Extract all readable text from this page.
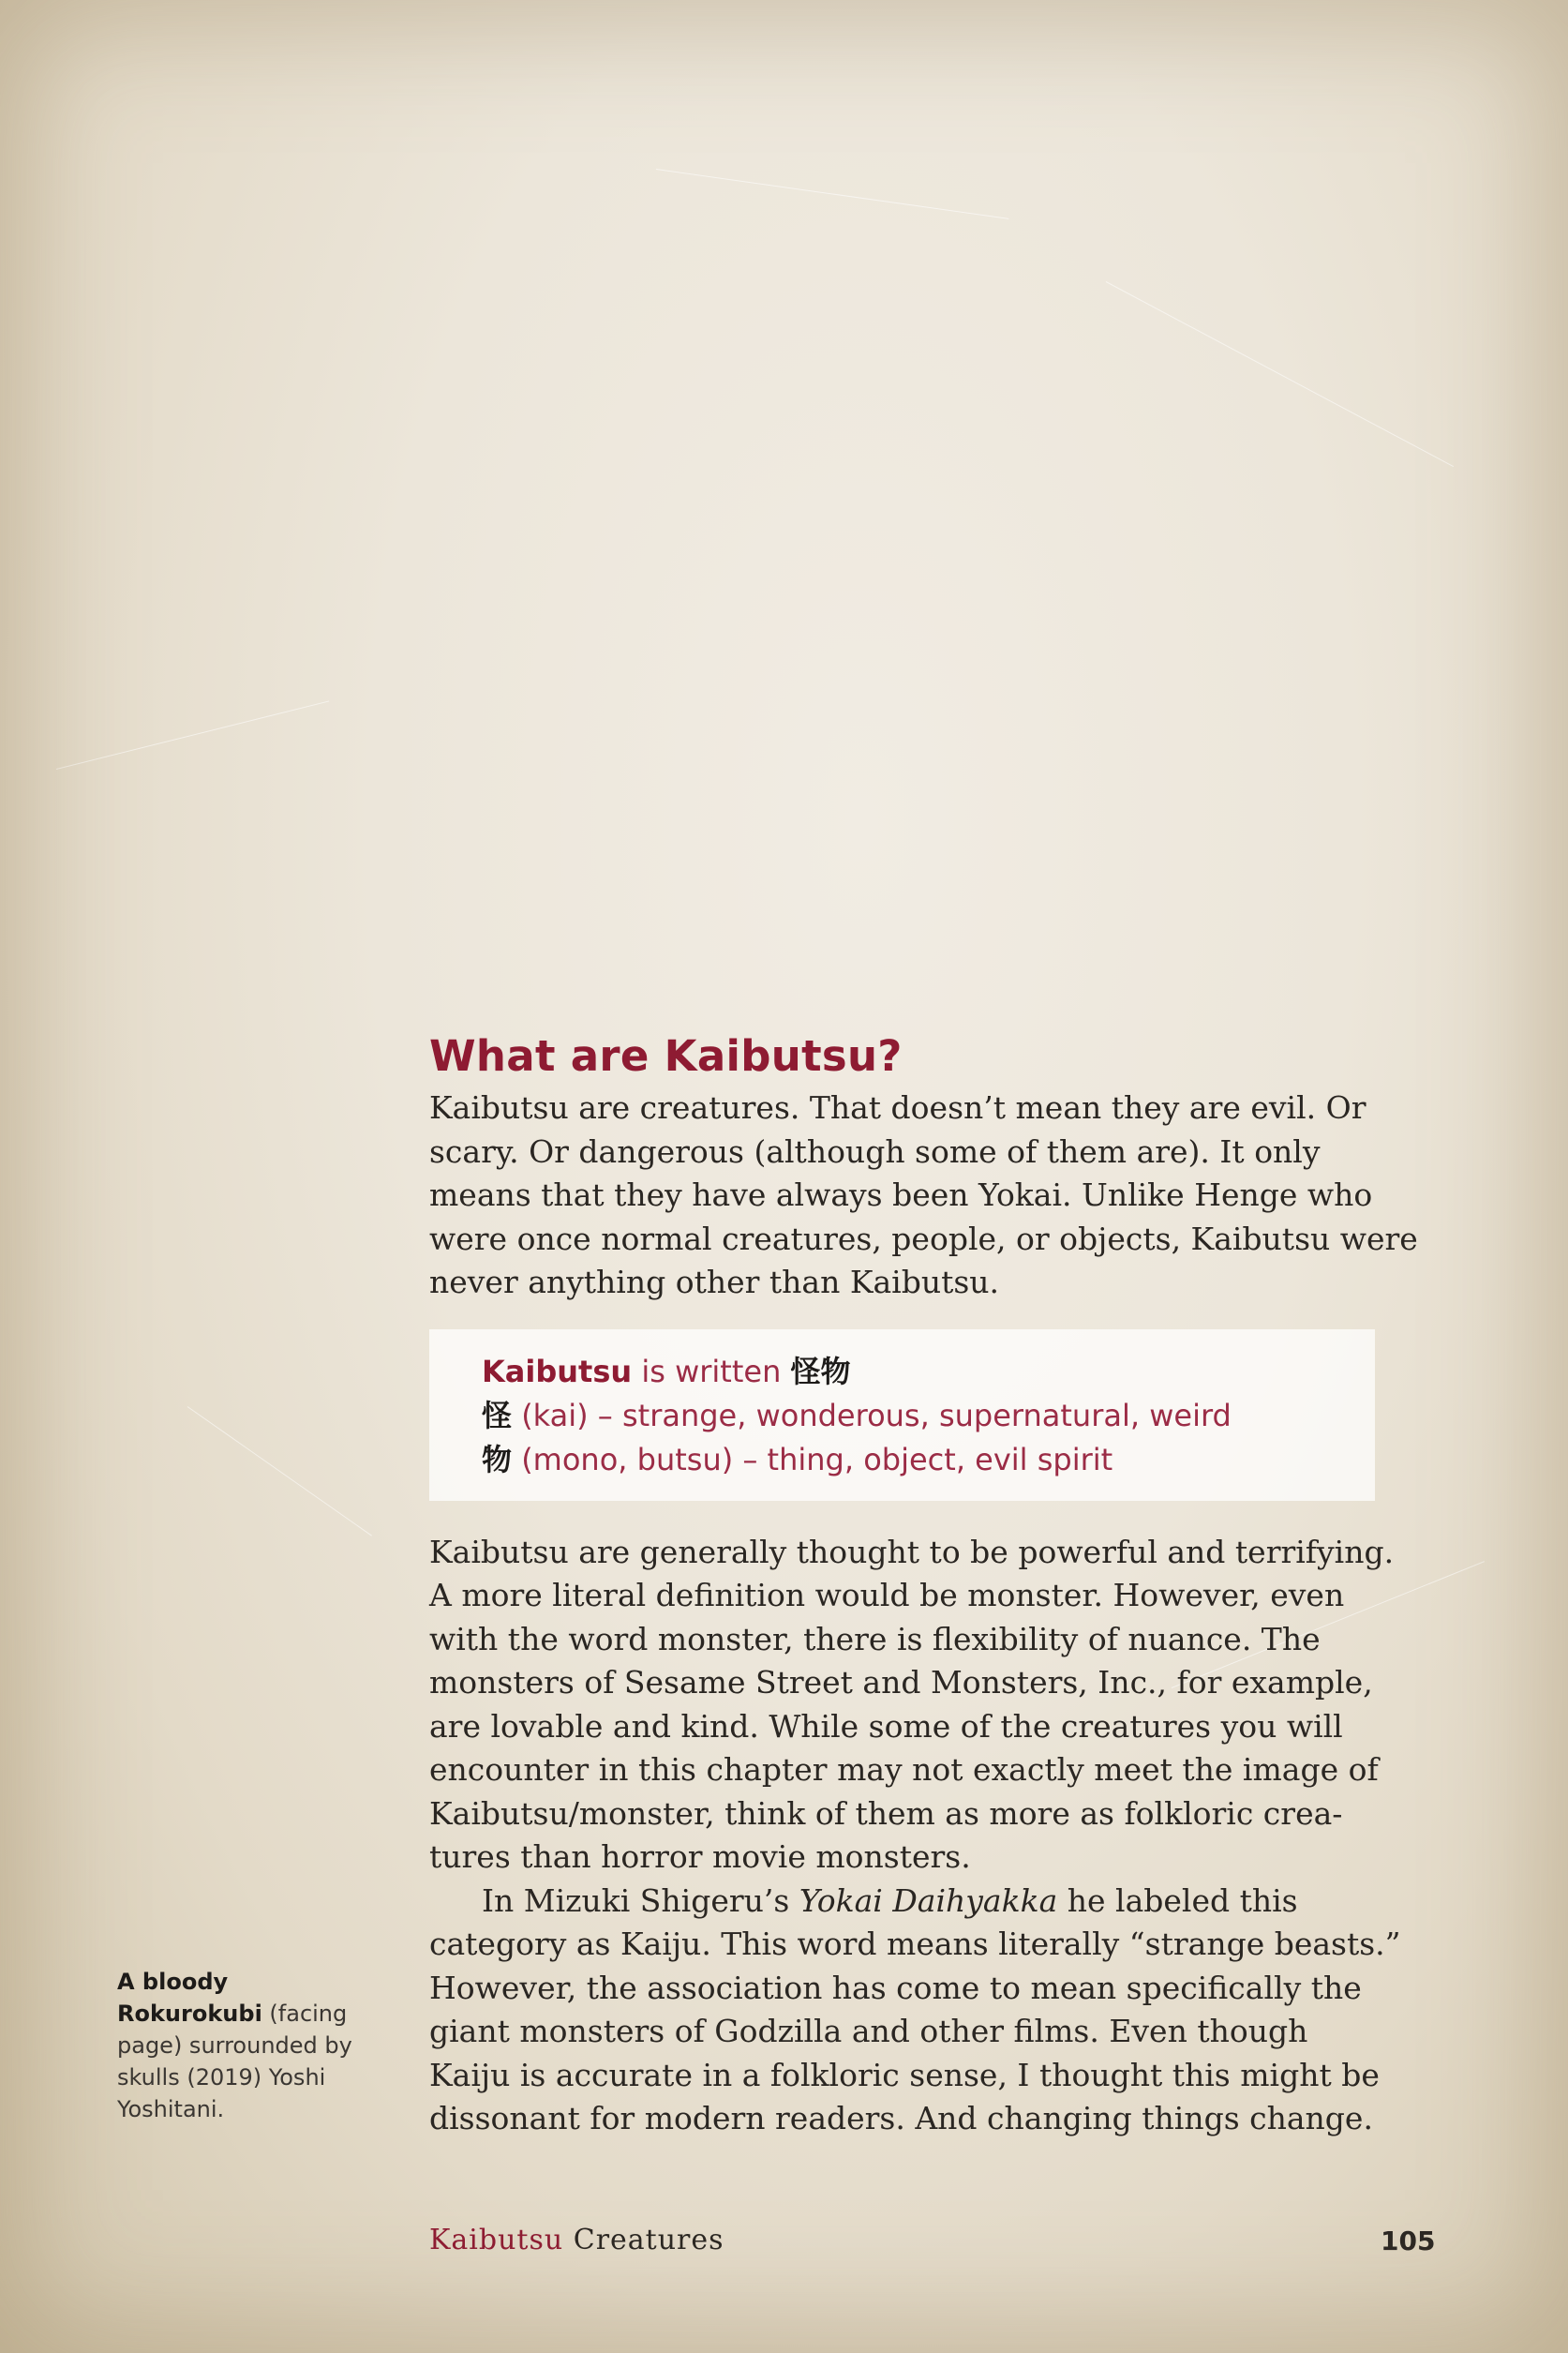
What are Kaibutsu?

Kaibutsu are creatures. That doesn’t mean they are evil. Or
scary. Or dangerous (although some of them are). It only
means that they have always been Yokai. Unlike Henge who
were once normal creatures, people, or objects, Kaibutsu were
never anything other than Kaibutsu.

Kaibutsu is written 怪物
怪 (kai) – strange, wonderous, supernatural, weird
物 (mono, butsu) – thing, object, evil spirit

Kaibutsu are generally thought to be powerful and terrifying.
A more literal definition would be monster. However, even
with the word monster, there is flexibility of nuance. The
monsters of Sesame Street and Monsters, Inc., for example,
are lovable and kind. While some of the creatures you will
encounter in this chapter may not exactly meet the image of
Kaibutsu/monster, think of them as more as folkloric crea-
tures than horror movie monsters.

In Mizuki Shigeru’s Yokai Daihyakka he labeled this
category as Kaiju. This word means literally “strange beasts.”
However, the association has come to mean specifically the
giant monsters of Godzilla and other films. Even though
Kaiju is accurate in a folkloric sense, I thought this might be
dissonant for modern readers. And changing things change.

A bloody Rokurokubi (facing page) surrounded by skulls (2019) Yoshi Yoshitani.
Kaibutsu Creatures	105
